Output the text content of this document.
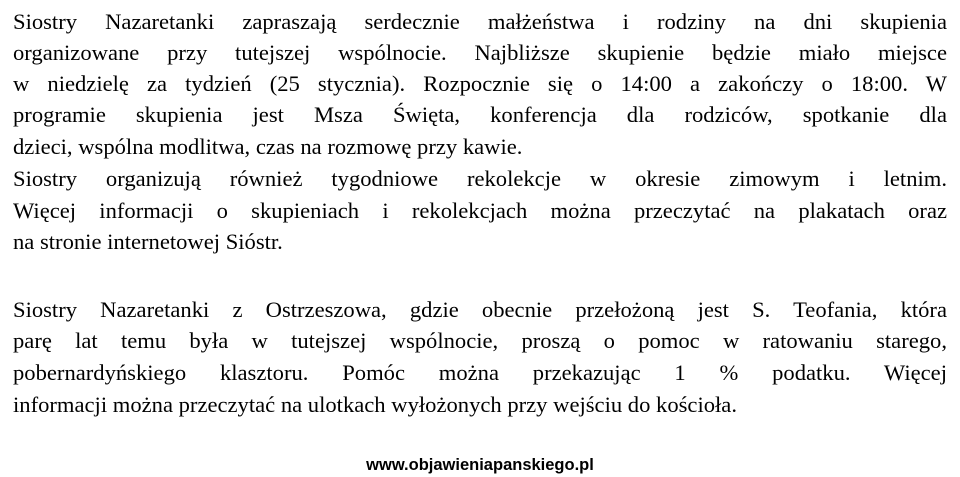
Siostry Nazaretanki zapraszają serdecznie małżeństwa i rodziny na dni skupienia
organizowane przy tutejszej wspólnocie. Najbliższe skupienie będzie miało miejsce
w niedzielę za tydzień (25 stycznia). Rozpocznie się o 14:00 a zakończy o 18:00. W
programie skupienia jest Msza Święta, konferencja dla rodziców, spotkanie dla
dzieci, wspólna modlitwa, czas na rozmowę przy kawie.
Siostry organizują również tygodniowe rekolekcje w okresie zimowym i letnim.
Więcej informacji o skupieniach i rekolekcjach można przeczytać na plakatach oraz
na stronie internetowej Sióstr.
Siostry Nazaretanki z Ostrzeszowa, gdzie obecnie przełożoną jest S. Teofania, która
parę lat temu była w tutejszej wspólnocie, proszą o pomoc w ratowaniu starego,
pobernardyńskiego klasztoru. Pomóc można przekazując 1 % podatku. Więcej
informacji można przeczytać na ulotkach wyłożonych przy wejściu do kościoła.
www.objawieniapanskiego.pl
